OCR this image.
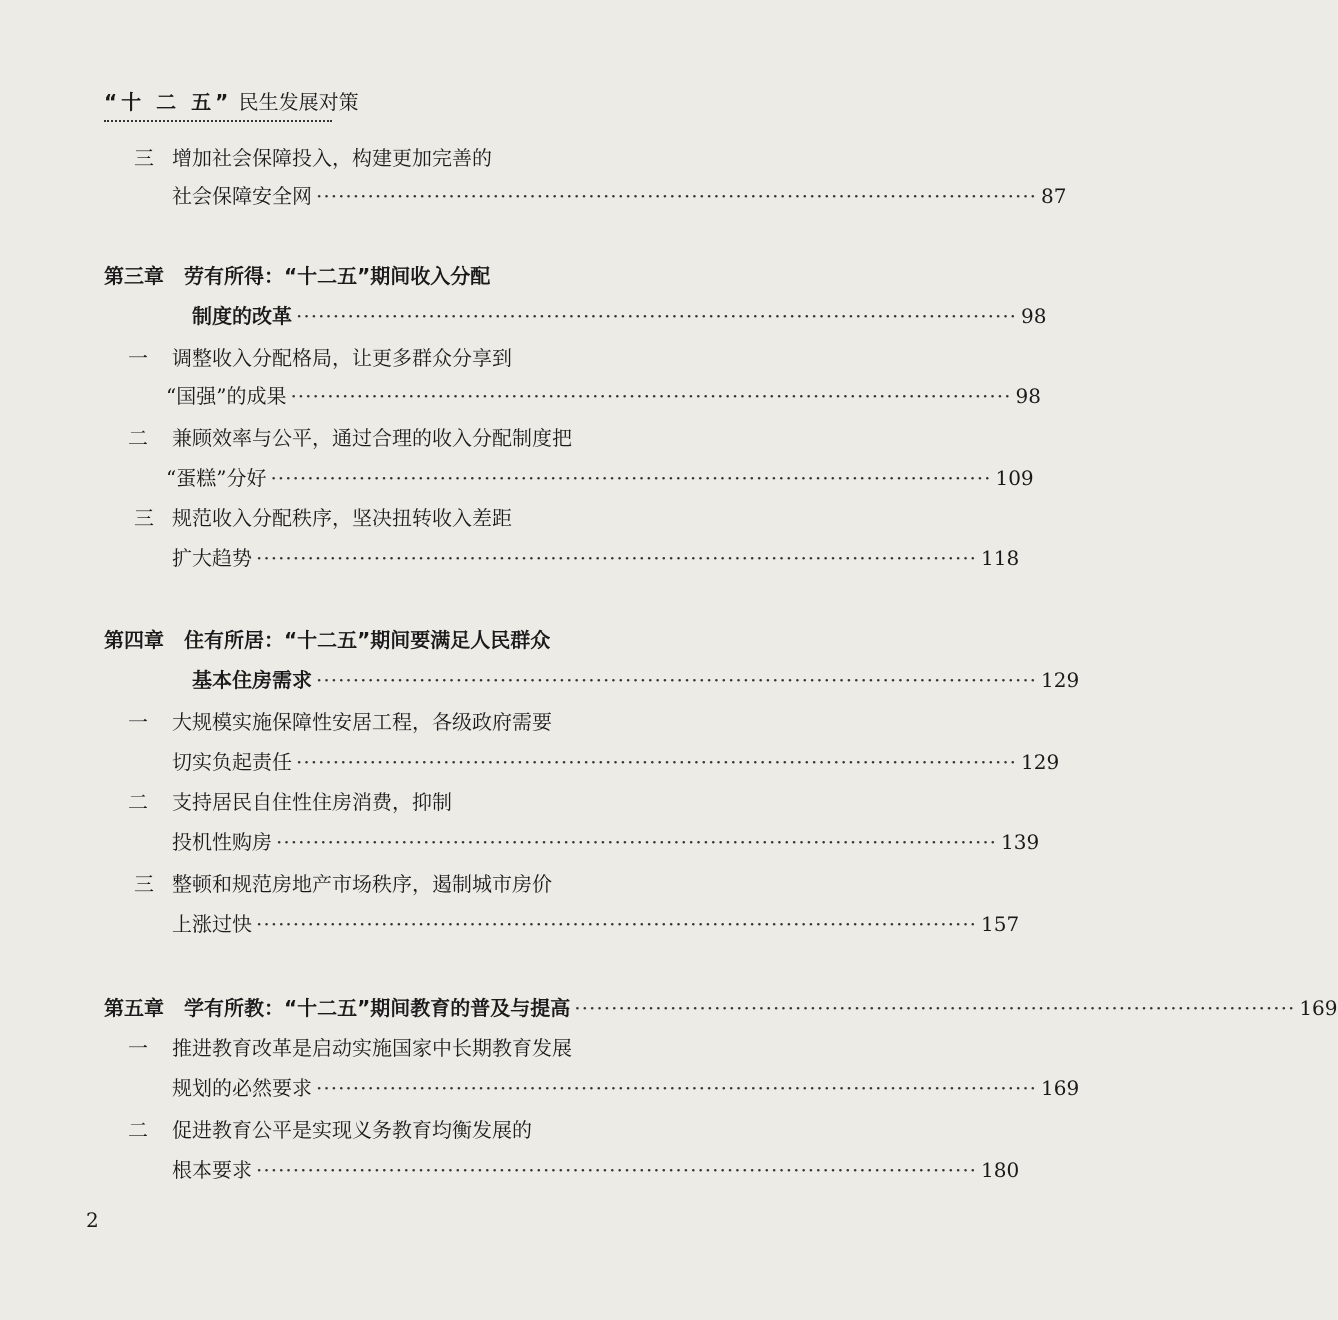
“十 二 五” 民生发展对策
三 增加社会保障投入，构建更加完善的
社会保障安全网 ·································································································· 87
第三章　劳有所得：“十二五”期间收入分配
制度的改革 ·································································································· 98
一	调整收入分配格局，让更多群众分享到
“国强”的成果 ·································································································· 98
二	兼顾效率与公平，通过合理的收入分配制度把
“蛋糕”分好 ·································································································· 109
三 规范收入分配秩序，坚决扭转收入差距
扩大趋势 ·································································································· 118
第四章　住有所居：“十二五”期间要满足人民群众
基本住房需求 ·································································································· 129
一	大规模实施保障性安居工程，各级政府需要
切实负起责任 ·································································································· 129
二	支持居民自住性住房消费，抑制
投机性购房 ·································································································· 139
三 整顿和规范房地产市场秩序，遏制城市房价
上涨过快 ·································································································· 157
第五章　学有所教：“十二五”期间教育的普及与提高 ·································································································· 169
一	推进教育改革是启动实施国家中长期教育发展
规划的必然要求 ·································································································· 169
二	促进教育公平是实现义务教育均衡发展的
根本要求 ·································································································· 180
2
